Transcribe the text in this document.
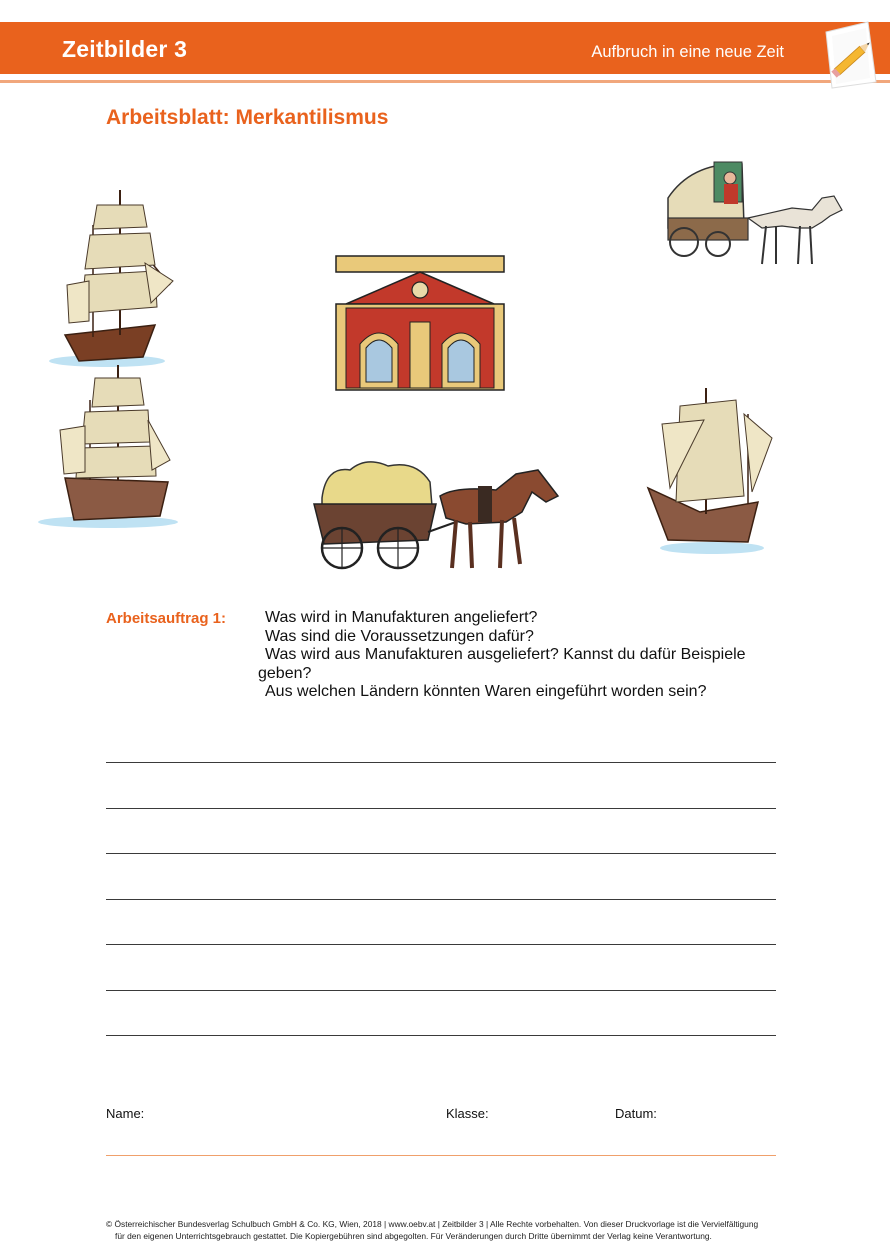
Zeitbilder 3	Aufbruch in eine neue Zeit
Arbeitsblatt: Merkantilismus
Arbeitsauftrag 1:	Was wird in Manufakturen angeliefert?

Was sind die Voraussetzungen dafür?

Was wird aus Manufakturen ausgeliefert? Kannst du dafür Beispiele

geben?

Aus welchen Ländern könnten Waren eingeführt worden sein?

Name:	Klasse:	Datum:
© Österreichischer Bundesverlag Schulbuch GmbH & Co. KG, Wien, 2018 | www.oebv.at | Zeitbilder 3 | Alle Rechte vorbehalten. Von dieser Druckvorlage ist die Vervielfältigung
für den eigenen Unterrichtsgebrauch gestattet. Die Kopiergebühren sind abgegolten. Für Veränderungen durch Dritte übernimmt der Verlag keine Verantwortung.
